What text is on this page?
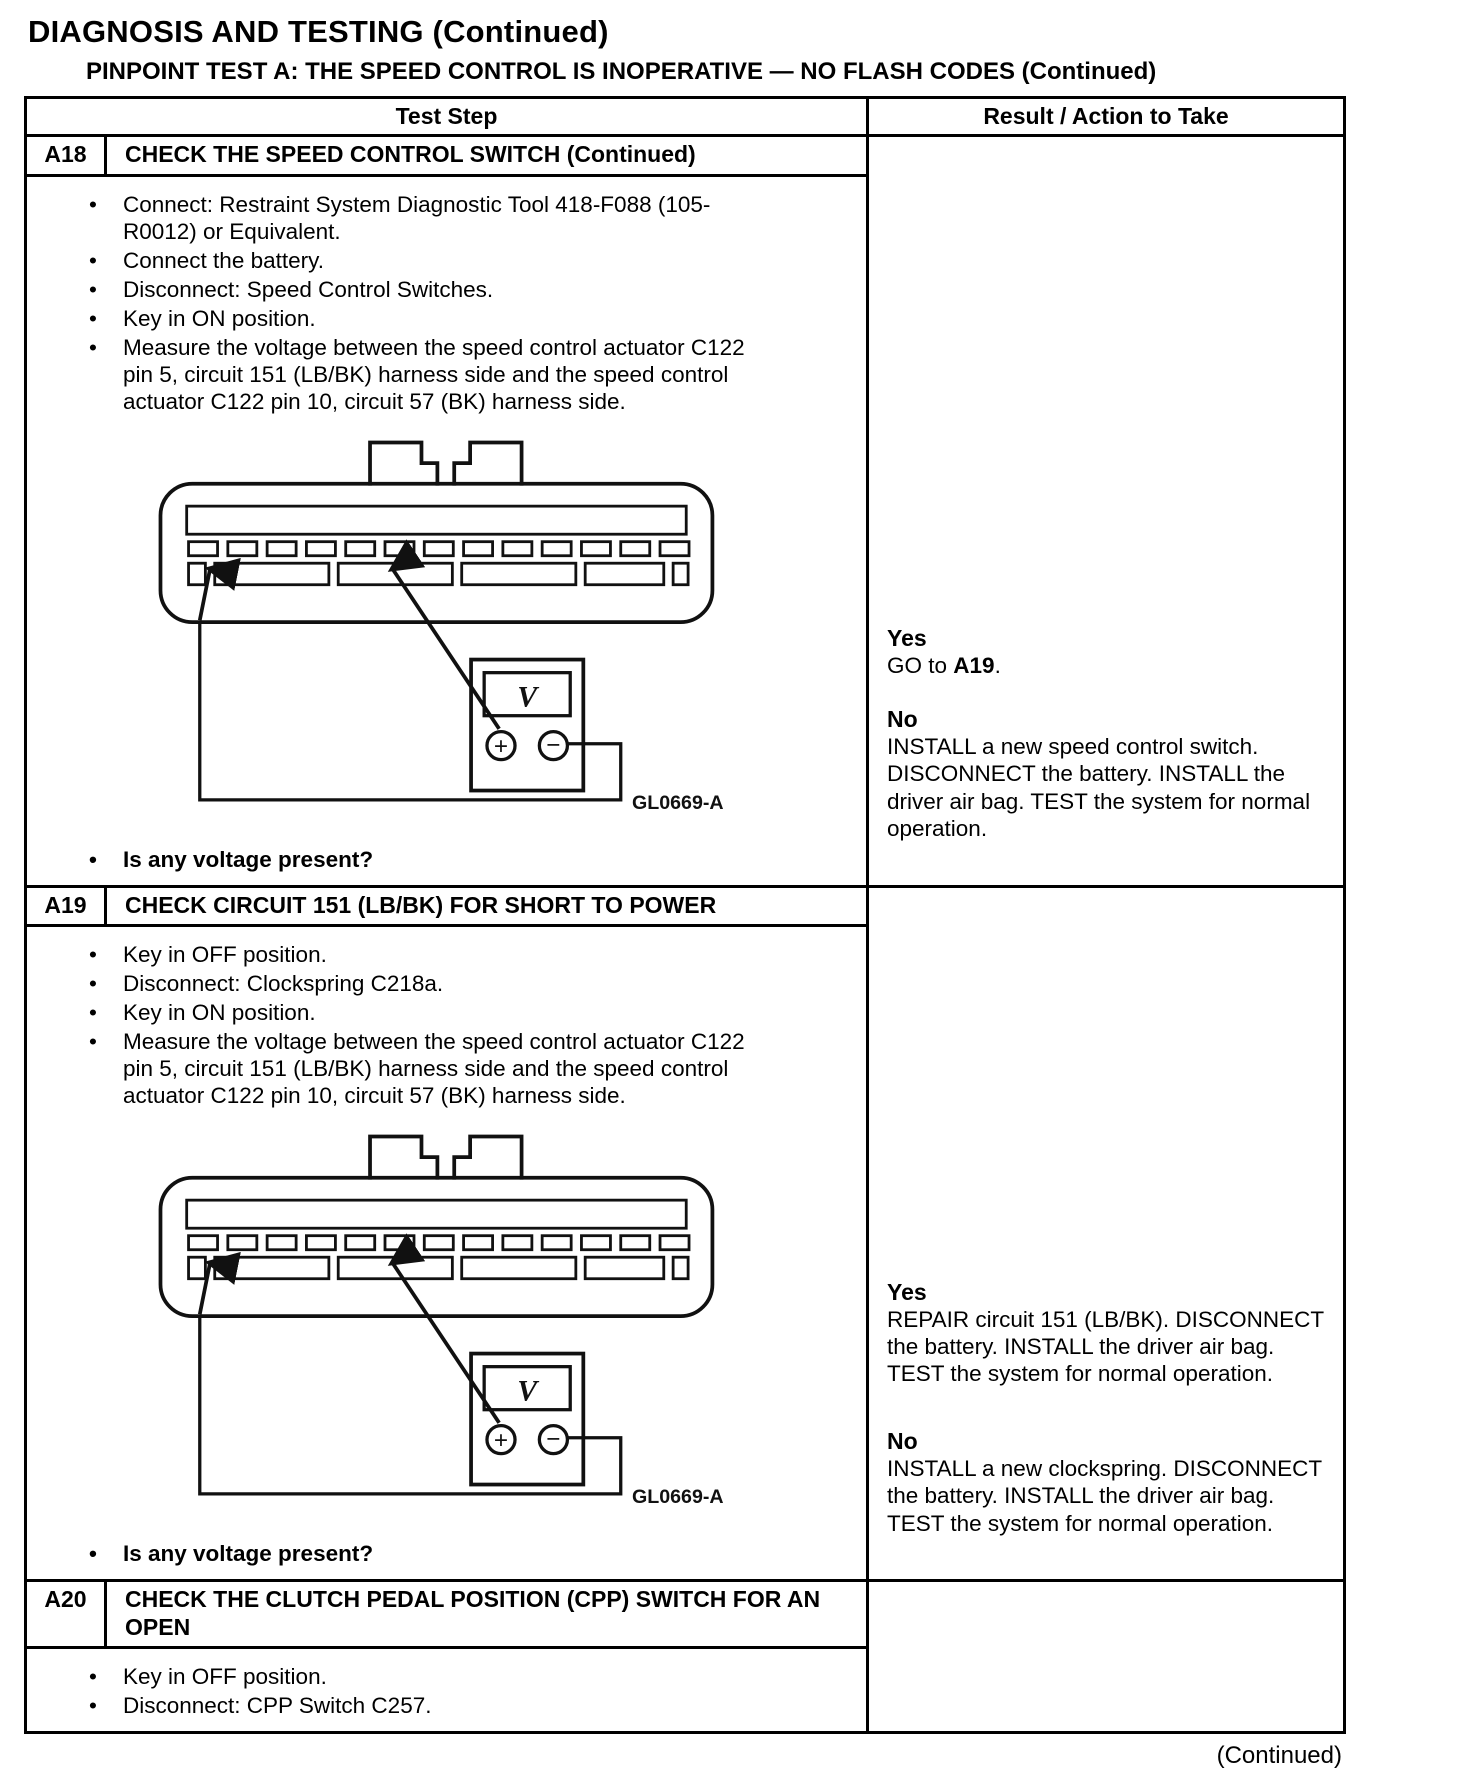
DIAGNOSIS AND TESTING (Continued)
PINPOINT TEST A: THE SPEED CONTROL IS INOPERATIVE — NO FLASH CODES (Continued)
Test Step	Result / Action to Take
A18	CHECK THE SPEED CONTROL SWITCH (Continued)
•	Connect: Restraint System Diagnostic Tool 418-F088 (105-R0012) or Equivalent.
•	Connect the battery.
•	Disconnect: Speed Control Switches.
•	Key in ON position.
•	Measure the voltage between the speed control actuator C122 pin 5, circuit 151 (LB/BK) harness side and the speed control actuator C122 pin 10, circuit 57 (BK) harness side.
V
+ −
GL0669-A
•	Is any voltage present?
Yes
GO to A19.
No
INSTALL a new speed control switch. DISCONNECT the battery. INSTALL the driver air bag. TEST the system for normal operation.
A19	CHECK CIRCUIT 151 (LB/BK) FOR SHORT TO POWER
•	Key in OFF position.
•	Disconnect: Clockspring C218a.
•	Key in ON position.
•	Measure the voltage between the speed control actuator C122 pin 5, circuit 151 (LB/BK) harness side and the speed control actuator C122 pin 10, circuit 57 (BK) harness side.
V
+ −
GL0669-A
•	Is any voltage present?
Yes
REPAIR circuit 151 (LB/BK). DISCONNECT the battery. INSTALL the driver air bag. TEST the system for normal operation.
No
INSTALL a new clockspring. DISCONNECT the battery. INSTALL the driver air bag. TEST the system for normal operation.
A20	CHECK THE CLUTCH PEDAL POSITION (CPP) SWITCH FOR AN OPEN
•	Key in OFF position.
•	Disconnect: CPP Switch C257.
(Continued)
